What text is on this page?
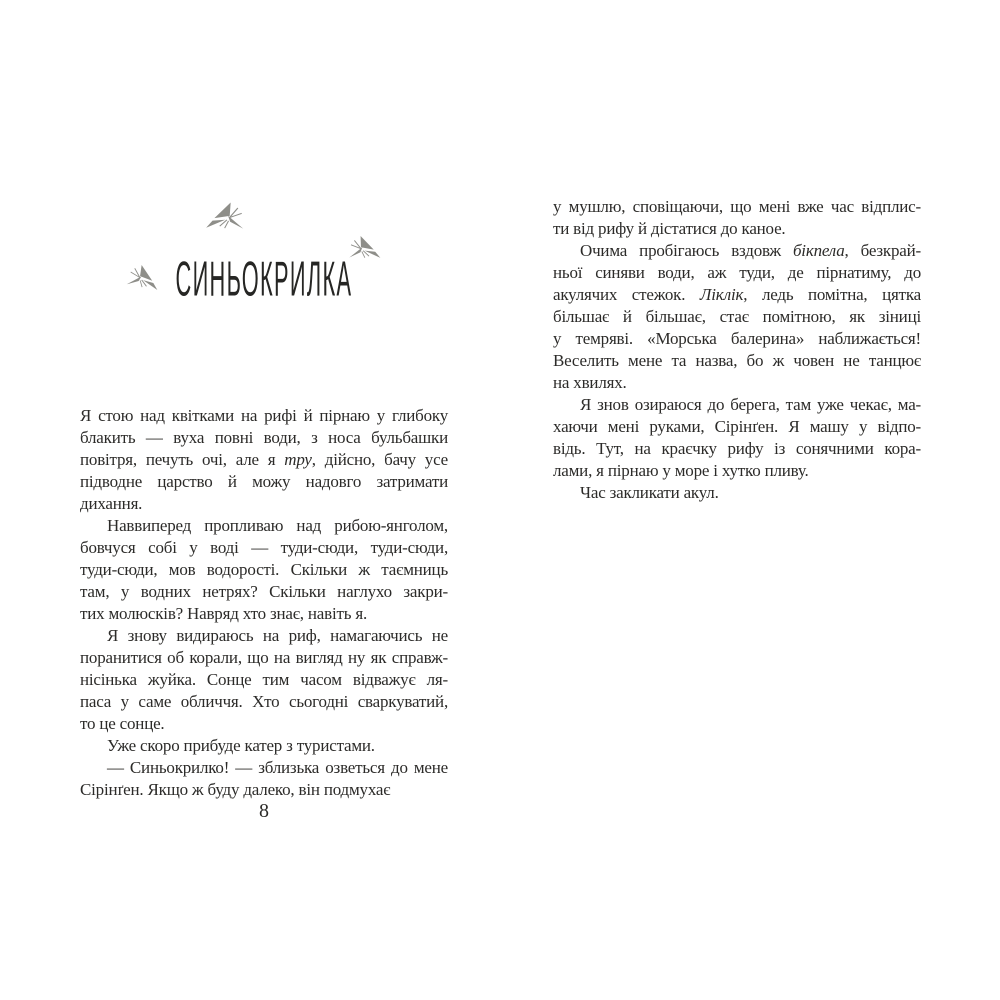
СИНЬОКРИЛКА
Я стою над квітками на рифі й пірнаю у глибоку
блакить — вуха повні води, з носа бульбашки
повітря, печуть очі, але я тру, дійсно, бачу усе
підводне царство й можу надовго затримати
дихання.
Наввиперед пропливаю над рибою-янголом,
бовчуся собі у воді — туди-сюди, туди-сюди,
туди-сюди, мов водорості. Скільки ж таємниць
там, у водних нетрях? Скільки наглухо закри-
тих молюсків? Навряд хто знає, навіть я.
Я знову видираюсь на риф, намагаючись не
поранитися об корали, що на вигляд ну як справж-
нісінька жуйка. Сонце тим часом відважує ля-
паса у саме обличчя. Хто сьогодні сваркуватий,
то це сонце.
Уже скоро прибуде катер з туристами.
— Синьокрилко! — зблизька озветься до мене
Сірінґен. Якщо ж буду далеко, він подмухає
у мушлю, сповіщаючи, що мені вже час відплис-
ти від рифу й дістатися до каное.
Очима пробігаюсь вздовж бікпела, безкрай-
ньої синяви води, аж туди, де пірнатиму, до
акулячих стежок. Ліклік, ледь помітна, цятка
більшає й більшає, стає помітною, як зіниці
у темряві. «Морська балерина» наближається!
Веселить мене та назва, бо ж човен не танцює
на хвилях.
Я знов озираюся до берега, там уже чекає, ма-
хаючи мені руками, Сірінґен. Я машу у відпо-
відь. Тут, на краєчку рифу із сонячними кора-
лами, я пірнаю у море і хутко пливу.
Час закликати акул.
8
